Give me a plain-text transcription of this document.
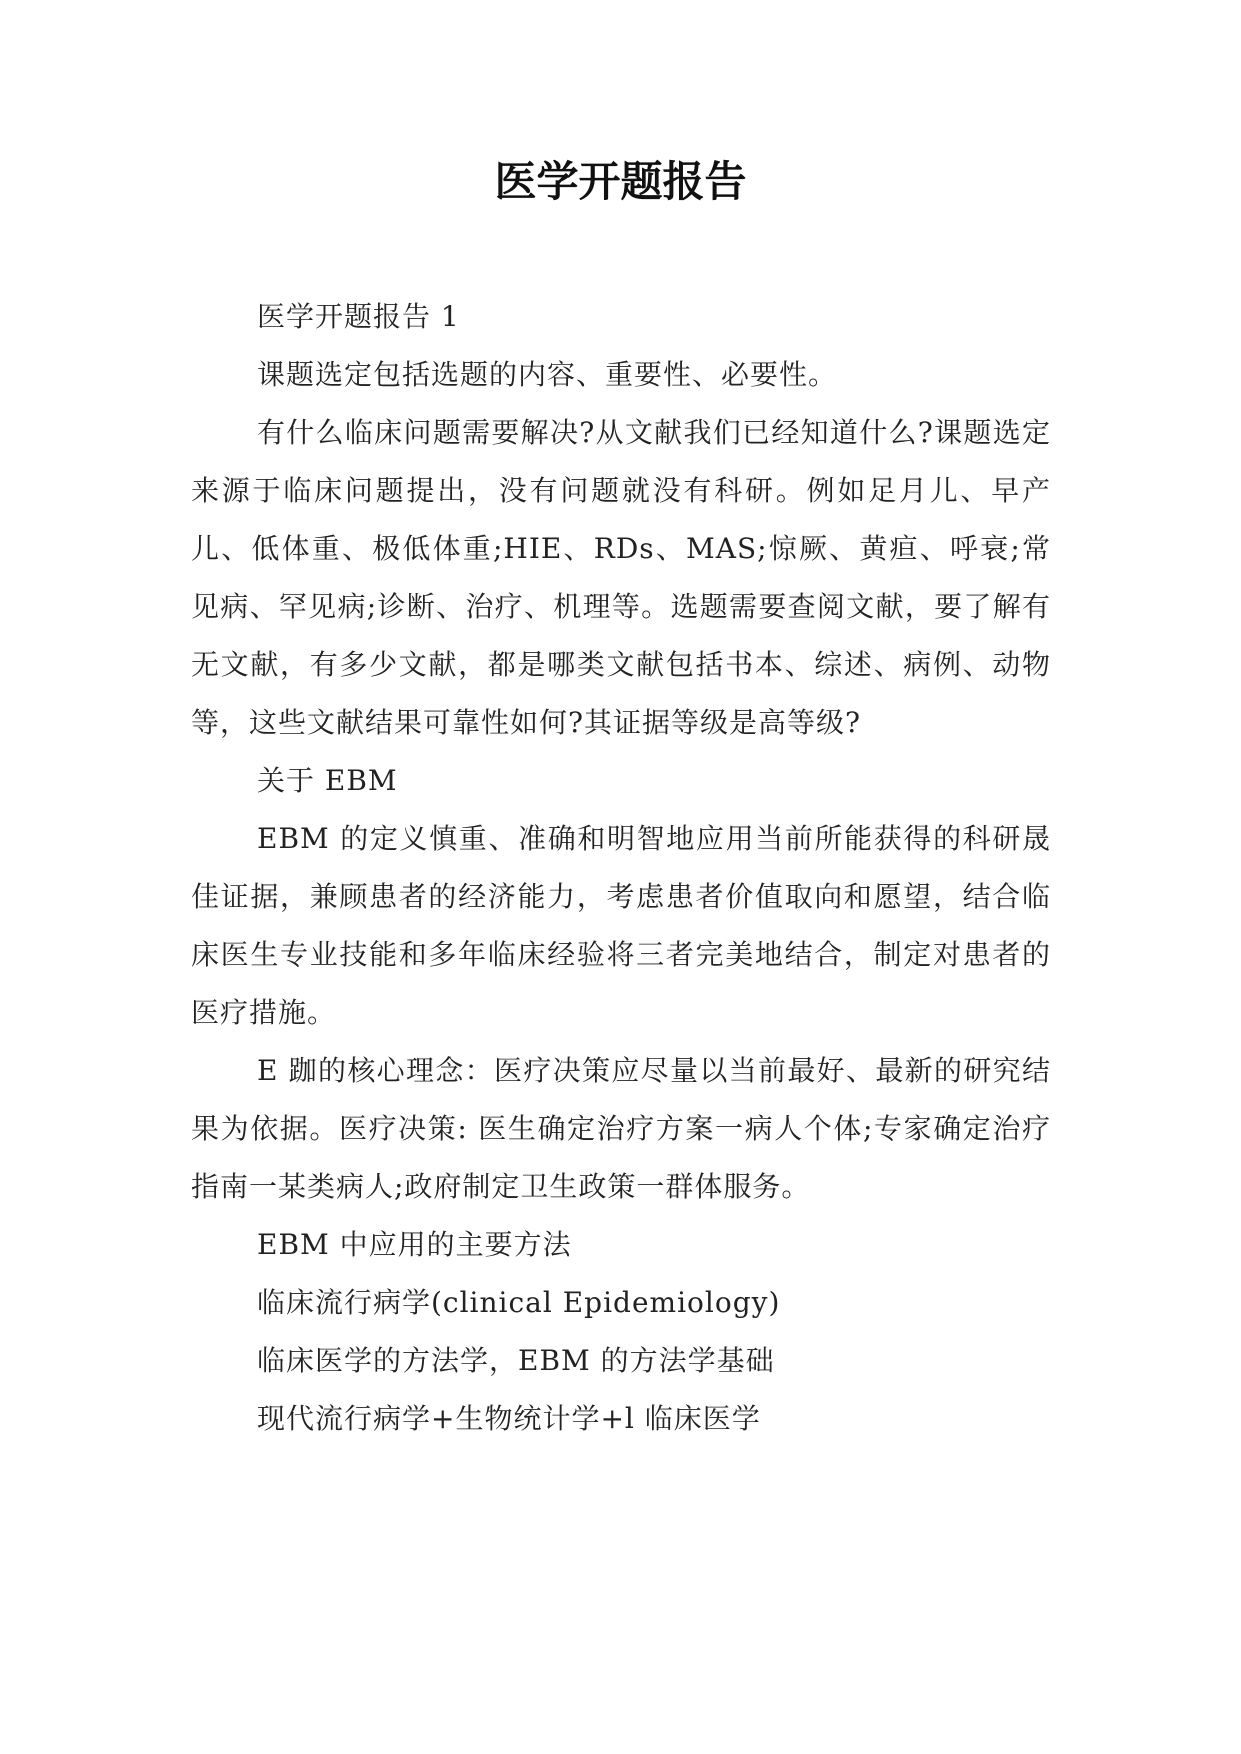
医学开题报告

医学开题报告 1

课题选定包括选题的内容、重要性、必要性。

有什么临床问题需要解决?从文献我们已经知道什么?课题选定来源于临床问题提出，没有问题就没有科研。例如足月儿、早产儿、低体重、极低体重;HIE、RDs、MAS;惊厥、黄疸、呼衰;常见病、罕见病;诊断、治疗、机理等。选题需要查阅文献，要了解有无文献，有多少文献，都是哪类文献包括书本、综述、病例、动物等，这些文献结果可靠性如何?其证据等级是高等级?

关于 EBM

EBM 的定义慎重、准确和明智地应用当前所能获得的科研晟佳证据，兼顾患者的经济能力，考虑患者价值取向和愿望，结合临床医生专业技能和多年临床经验将三者完美地结合，制定对患者的医疗措施。

E 跏的核心理念：医疗决策应尽量以当前最好、最新的研究结果为依据。医疗决策: 医生确定治疗方案一病人个体;专家确定治疗指南一某类病人;政府制定卫生政策一群体服务。

EBM 中应用的主要方法

临床流行病学(clinical Epidemiology)

临床医学的方法学，EBM 的方法学基础

现代流行病学+生物统计学+l 临床医学
